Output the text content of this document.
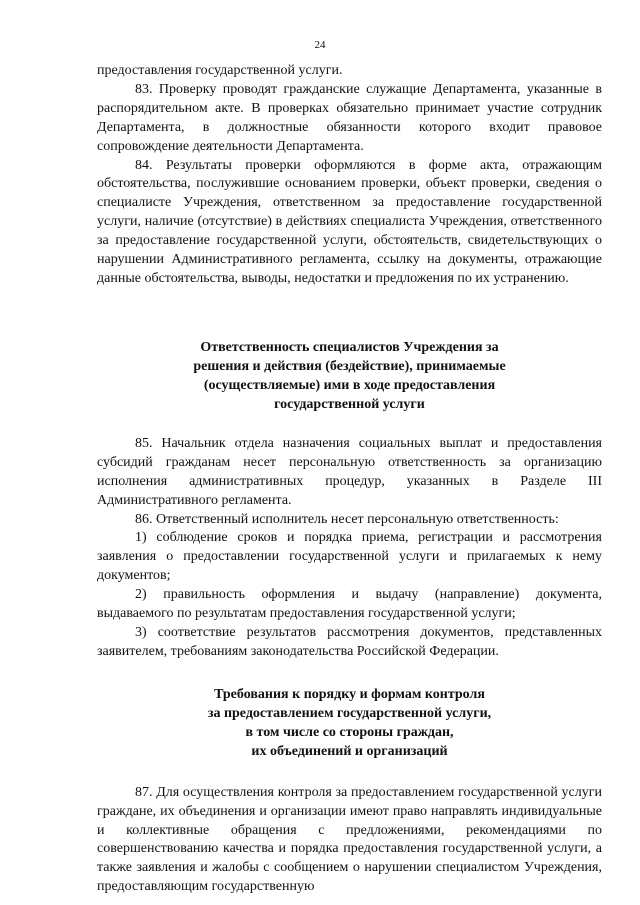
24

предоставления государственной услуги.

83. Проверку проводят гражданские служащие Департамента, указанные в распорядительном акте. В проверках обязательно принимает участие сотрудник Департамента, в должностные обязанности которого входит правовое сопровождение деятельности Департамента.

84. Результаты проверки оформляются в форме акта, отражающим обстоятельства, послужившие основанием проверки, объект проверки, сведения о специалисте Учреждения, ответственном за предоставление государственной услуги, наличие (отсутствие) в действиях специалиста Учреждения, ответственного за предоставление государственной услуги, обстоятельств, свидетельствующих о нарушении Административного регламента, ссылку на документы, отражающие данные обстоятельства, выводы, недостатки и предложения по их устранению.

Ответственность специалистов Учреждения за
решения и действия (бездействие), принимаемые
(осуществляемые) ими в ходе предоставления
государственной услуги

85. Начальник отдела назначения социальных выплат и предоставления субсидий гражданам несет персональную ответственность за организацию исполнения административных процедур, указанных в Разделе III Административного регламента.

86. Ответственный исполнитель несет персональную ответственность:

1) соблюдение сроков и порядка приема, регистрации и рассмотрения заявления о предоставлении государственной услуги и прилагаемых к нему документов;

2) правильность оформления и выдачу (направление) документа, выдаваемого по результатам предоставления государственной услуги;

3) соответствие результатов рассмотрения документов, представленных заявителем, требованиям законодательства Российской Федерации.

Требования к порядку и формам контроля
за предоставлением государственной услуги,
в том числе со стороны граждан,
их объединений и организаций

87. Для осуществления контроля за предоставлением государственной услуги граждане, их объединения и организации имеют право направлять индивидуальные и коллективные обращения с предложениями, рекомендациями по совершенствованию качества и порядка предоставления государственной услуги, а также заявления и жалобы с сообщением о нарушении специалистом Учреждения, предоставляющим государственную
